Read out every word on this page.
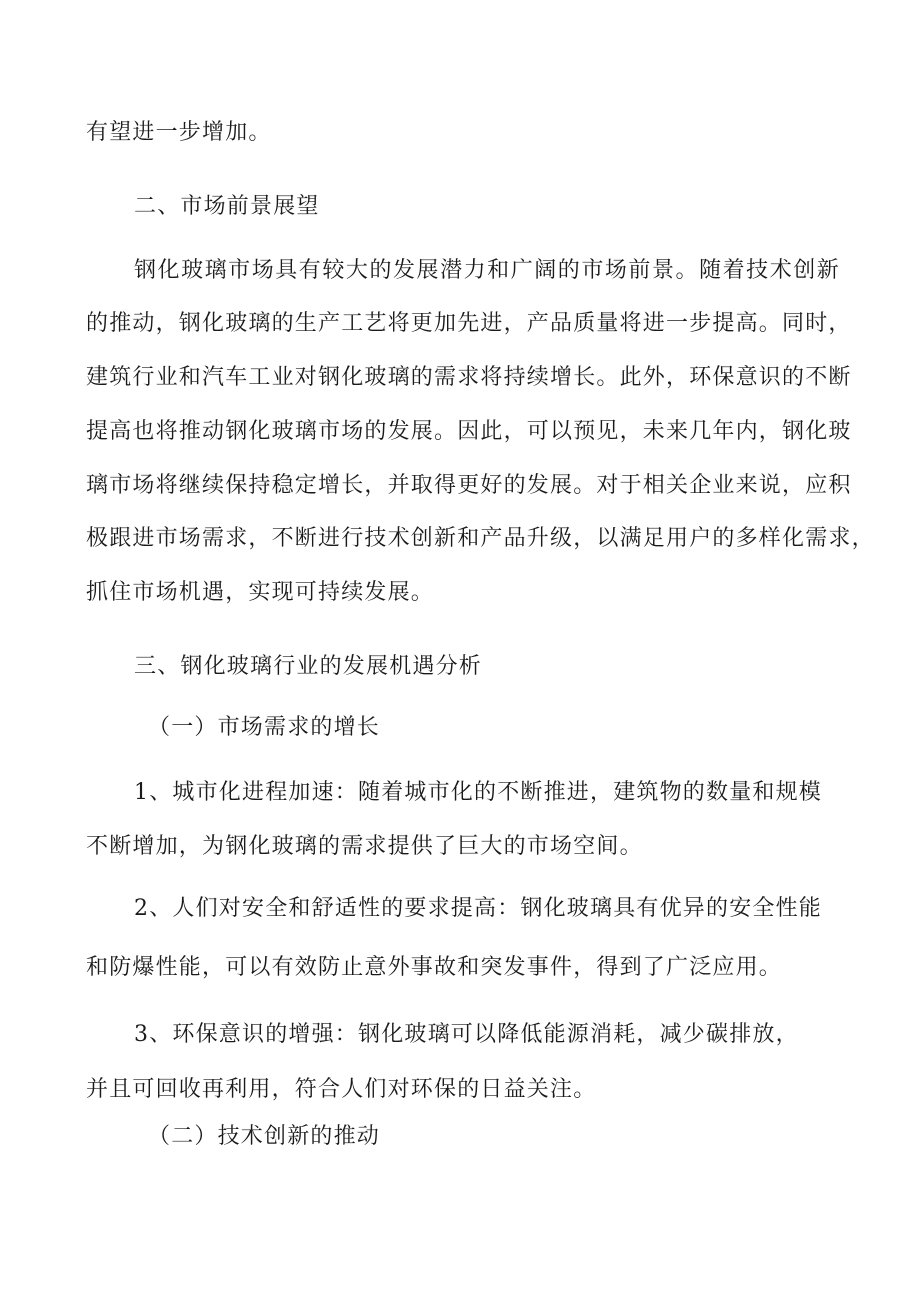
有望进一步增加。
二、市场前景展望
钢化玻璃市场具有较大的发展潜力和广阔的市场前景。随着技术创新
的推动，钢化玻璃的生产工艺将更加先进，产品质量将进一步提高。同时，
建筑行业和汽车工业对钢化玻璃的需求将持续增长。此外，环保意识的不断
提高也将推动钢化玻璃市场的发展。因此，可以预见，未来几年内，钢化玻
璃市场将继续保持稳定增长，并取得更好的发展。对于相关企业来说，应积
极跟进市场需求，不断进行技术创新和产品升级，以满足用户的多样化需求，
抓住市场机遇，实现可持续发展。
三、钢化玻璃行业的发展机遇分析
（一）市场需求的增长
1、城市化进程加速：随着城市化的不断推进，建筑物的数量和规模
不断增加，为钢化玻璃的需求提供了巨大的市场空间。
2、人们对安全和舒适性的要求提高：钢化玻璃具有优异的安全性能
和防爆性能，可以有效防止意外事故和突发事件，得到了广泛应用。
3、环保意识的增强：钢化玻璃可以降低能源消耗，减少碳排放，
并且可回收再利用，符合人们对环保的日益关注。
（二）技术创新的推动
